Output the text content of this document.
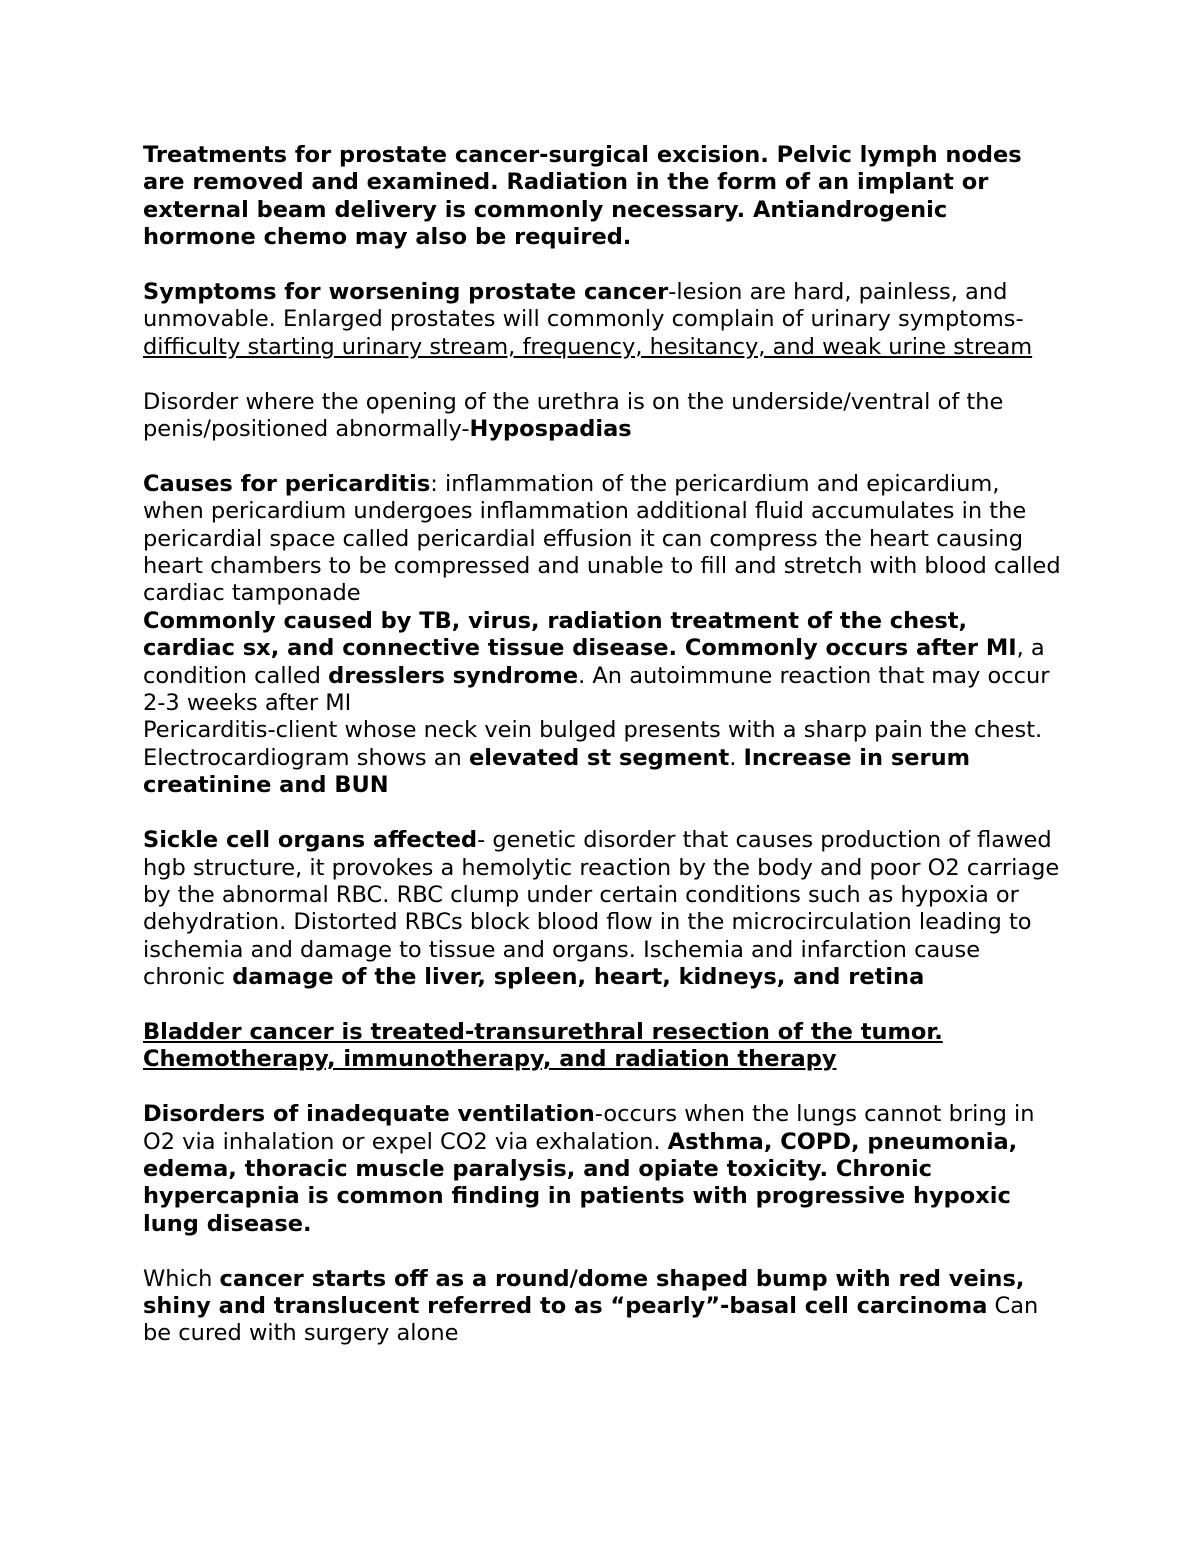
Treatments for prostate cancer-surgical excision. Pelvic lymph nodes are removed and examined. Radiation in the form of an implant or external beam delivery is commonly necessary. Antiandrogenic hormone chemo may also be required.

Symptoms for worsening prostate cancer-lesion are hard, painless, and unmovable. Enlarged prostates will commonly complain of urinary symptoms- difficulty starting urinary stream, frequency, hesitancy, and weak urine stream

Disorder where the opening of the urethra is on the underside/ventral of the penis/positioned abnormally-Hypospadias

Causes for pericarditis: inflammation of the pericardium and epicardium, when pericardium undergoes inflammation additional fluid accumulates in the pericardial space called pericardial effusion it can compress the heart causing heart chambers to be compressed and unable to fill and stretch with blood called cardiac tamponade

Commonly caused by TB, virus, radiation treatment of the chest, cardiac sx, and connective tissue disease. Commonly occurs after MI, a condition called dresslers syndrome. An autoimmune reaction that may occur 2-3 weeks after MI

Pericarditis-client whose neck vein bulged presents with a sharp pain the chest. Electrocardiogram shows an elevated st segment. Increase in serum creatinine and BUN

Sickle cell organs affected- genetic disorder that causes production of flawed hgb structure, it provokes a hemolytic reaction by the body and poor O2 carriage by the abnormal RBC. RBC clump under certain conditions such as hypoxia or dehydration. Distorted RBCs block blood flow in the microcirculation leading to ischemia and damage to tissue and organs. Ischemia and infarction cause chronic damage of the liver, spleen, heart, kidneys, and retina

Bladder cancer is treated-transurethral resection of the tumor. Chemotherapy, immunotherapy, and radiation therapy

Disorders of inadequate ventilation-occurs when the lungs cannot bring in O2 via inhalation or expel CO2 via exhalation. Asthma, COPD, pneumonia, edema, thoracic muscle paralysis, and opiate toxicity. Chronic hypercapnia is common finding in patients with progressive hypoxic lung disease.

Which cancer starts off as a round/dome shaped bump with red veins, shiny and translucent referred to as “pearly”-basal cell carcinoma Can be cured with surgery alone
